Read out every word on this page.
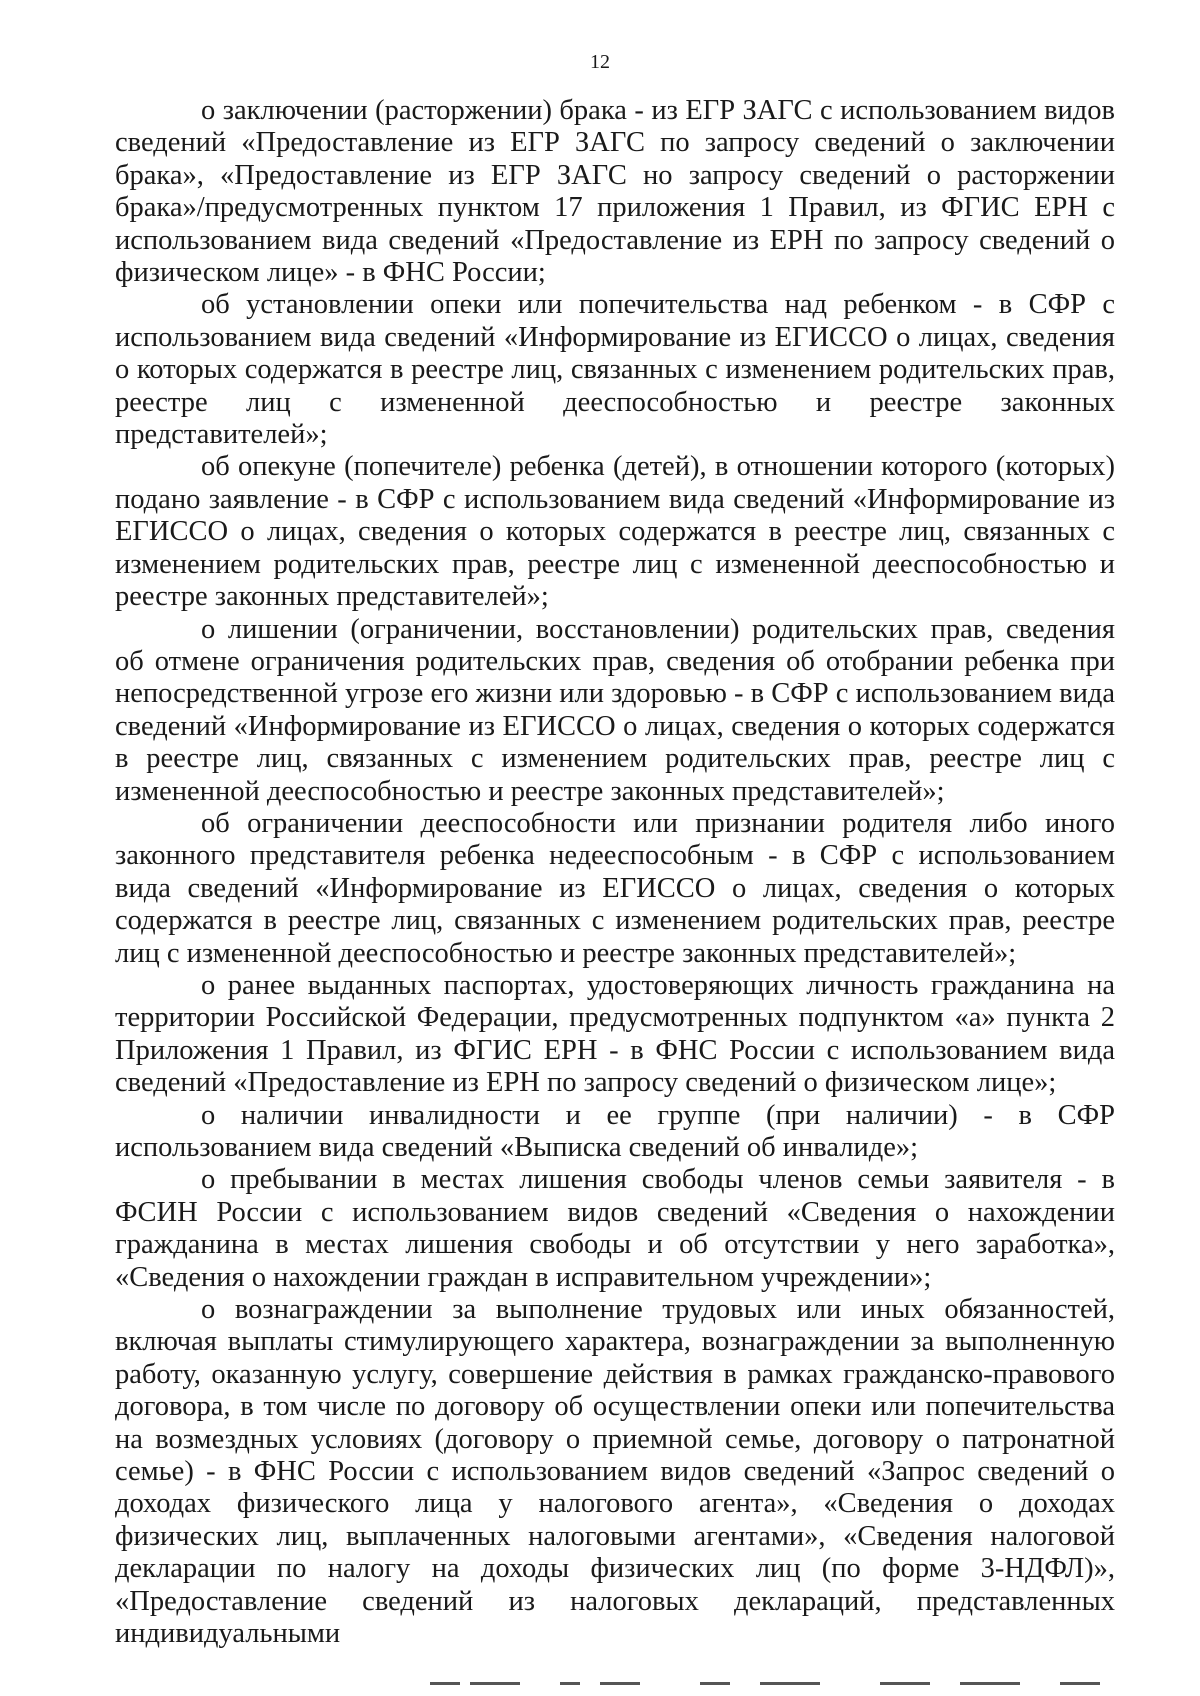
12

о заключении (расторжении) брака - из ЕГР ЗАГС с использованием видов сведений «Предоставление из ЕГР ЗАГС по запросу сведений о заключении брака», «Предоставление из ЕГР ЗАГС но запросу сведений о расторжении брака»/предусмотренных пунктом 17 приложения 1 Правил, из ФГИС ЕРН с использованием вида сведений «Предоставление из ЕРН по запросу сведений о физическом лице» - в ФНС России;

об установлении опеки или попечительства над ребенком - в СФР с использованием вида сведений «Информирование из ЕГИССО о лицах, сведения о которых содержатся в реестре лиц, связанных с изменением родительских прав, реестре лиц с измененной дееспособностью и реестре законных представителей»;

об опекуне (попечителе) ребенка (детей), в отношении которого (которых) подано заявление - в СФР с использованием вида сведений «Информирование из ЕГИССО о лицах, сведения о которых содержатся в реестре лиц, связанных с изменением родительских прав, реестре лиц с измененной дееспособностью и реестре законных представителей»;

о лишении (ограничении, восстановлении) родительских прав, сведения об отмене ограничения родительских прав, сведения об отобрании ребенка при непосредственной угрозе его жизни или здоровью - в СФР с использованием вида сведений «Информирование из ЕГИССО о лицах, сведения о которых содержатся в реестре лиц, связанных с изменением родительских прав, реестре лиц с измененной дееспособностью и реестре законных представителей»;

об ограничении дееспособности или признании родителя либо иного законного представителя ребенка недееспособным - в СФР с использованием вида сведений «Информирование из ЕГИССО о лицах, сведения о которых содержатся в реестре лиц, связанных с изменением родительских прав, реестре лиц с измененной дееспособностью и реестре законных представителей»;

о ранее выданных паспортах, удостоверяющих личность гражданина на территории Российской Федерации, предусмотренных подпунктом «а» пункта 2 Приложения 1 Правил, из ФГИС ЕРН - в ФНС России с использованием вида сведений «Предоставление из ЕРН по запросу сведений о физическом лице»;

о наличии инвалидности и ее группе (при наличии) - в СФР использованием вида сведений «Выписка сведений об инвалиде»;

о пребывании в местах лишения свободы членов семьи заявителя - в ФСИН России с использованием видов сведений «Сведения о нахождении гражданина в местах лишения свободы и об отсутствии у него заработка», «Сведения о нахождении граждан в исправительном учреждении»;

о вознаграждении за выполнение трудовых или иных обязанностей, включая выплаты стимулирующего характера, вознаграждении за выполненную работу, оказанную услугу, совершение действия в рамках гражданско-правового договора, в том числе по договору об осуществлении опеки или попечительства на возмездных условиях (договору о приемной семье, договору о патронатной семье) - в ФНС России с использованием видов сведений «Запрос сведений о доходах физического лица у налогового агента», «Сведения о доходах физических лиц, выплаченных налоговыми агентами», «Сведения налоговой декларации по налогу на доходы физических лиц (по форме 3-НДФЛ)», «Предоставление сведений из налоговых деклараций, представленных индивидуальными
